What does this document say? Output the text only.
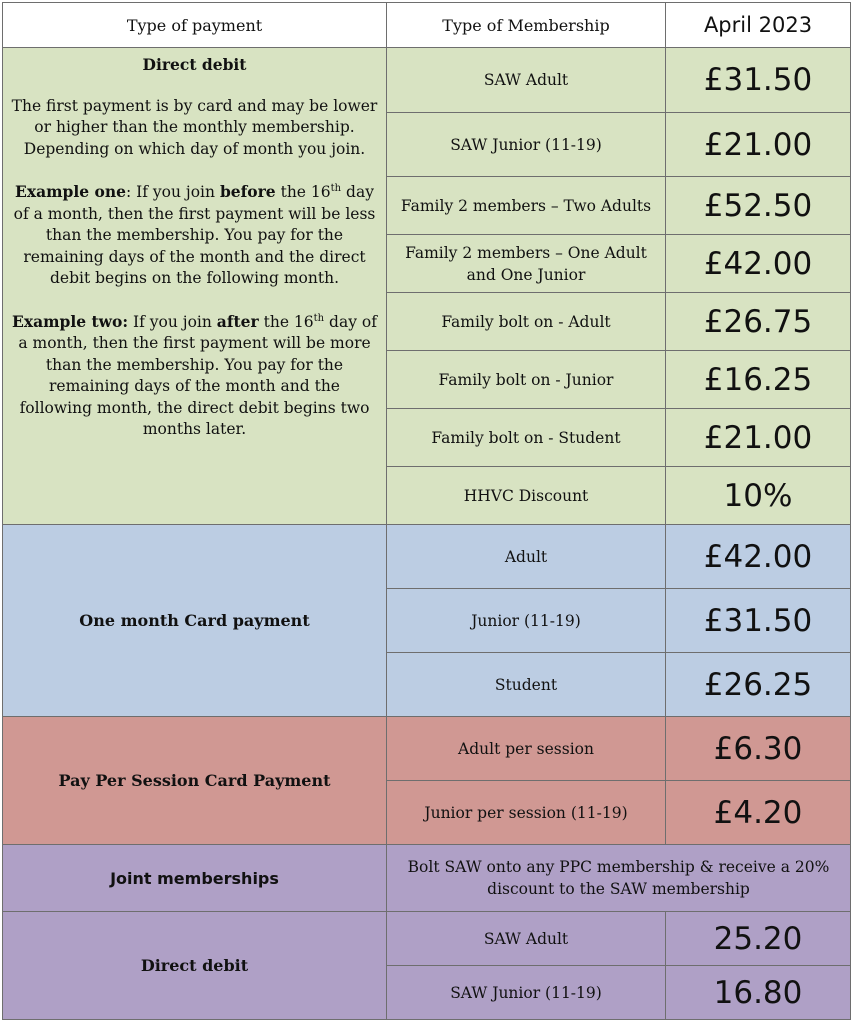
Type of payment	Type of Membership	April 2023

Direct debit

The first payment is by card and may be lower or higher than the monthly membership. Depending on which day of month you join.

Example one: If you join before the 16th day of a month, then the first payment will be less than the membership. You pay for the remaining days of the month and the direct debit begins on the following month.

Example two: If you join after the 16th day of a month, then the first payment will be more than the membership. You pay for the remaining days of the month and the following month, the direct debit begins two months later.	SAW Adult	£31.50
	SAW Junior (11-19)	£21.00
	Family 2 members – Two Adults	£52.50
	Family 2 members – One Adult and One Junior	£42.00
	Family bolt on - Adult	£26.75
	Family bolt on - Junior	£16.25
	Family bolt on - Student	£21.00
	HHVC Discount	10%
One month Card payment	Adult	£42.00
	Junior (11-19)	£31.50
	Student	£26.25
Pay Per Session Card Payment	Adult per session	£6.30
	Junior per session (11-19)	£4.20
Joint memberships	Bolt SAW onto any PPC membership & receive a 20% discount to the SAW membership	
Direct debit	SAW Adult	25.20
	SAW Junior (11-19)	16.80
